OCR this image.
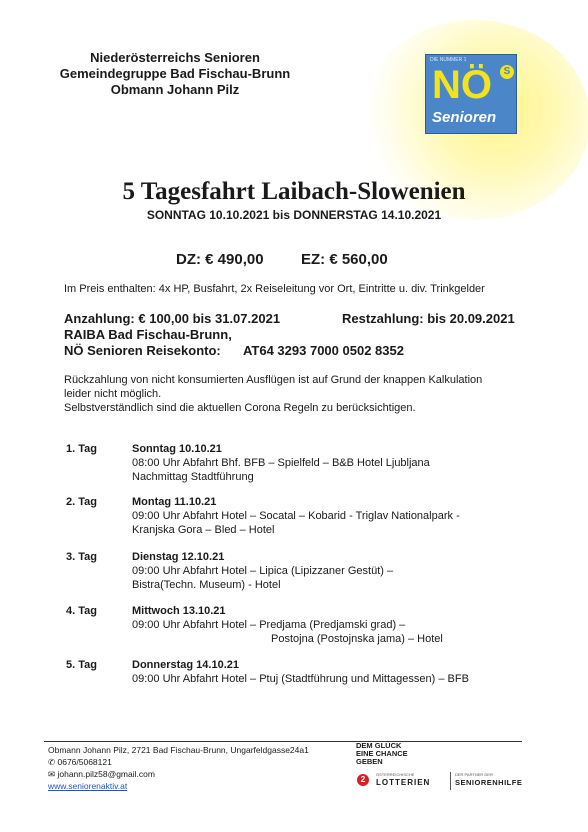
Niederösterreichs Senioren
Gemeindegruppe Bad Fischau-Brunn
Obmann Johann Pilz
DIE NUMMER 1
NÖ	S
Senioren
5 Tagesfahrt Laibach-Slowenien
SONNTAG 10.10.2021 bis DONNERSTAG 14.10.2021
DZ: € 490,00 EZ: € 560,00
Im Preis enthalten: 4x HP, Busfahrt, 2x Reiseleitung vor Ort, Eintritte u. div. Trinkgelder
Anzahlung: € 100,00 bis 31.07.2021	Restzahlung: bis 20.09.2021
RAIBA Bad Fischau-Brunn,
NÖ Senioren Reisekonto: AT64 3293 7000 0502 8352
Rückzahlung von nicht konsumierten Ausflügen ist auf Grund der knappen Kalkulation
leider nicht möglich.
Selbstverständlich sind die aktuellen Corona Regeln zu berücksichtigen.
1. Tag	Sonntag 10.10.21
08:00 Uhr Abfahrt Bhf. BFB – Spielfeld – B&B Hotel Ljubljana
Nachmittag Stadtführung
2. Tag	Montag 11.10.21
09:00 Uhr Abfahrt Hotel – Socatal – Kobarid - Triglav Nationalpark -
Kranjska Gora – Bled – Hotel
3. Tag	Dienstag 12.10.21
09:00 Uhr Abfahrt Hotel – Lipica (Lipizzaner Gestüt) –
Bistra(Techn. Museum) - Hotel
4. Tag	Mittwoch 13.10.21
09:00 Uhr Abfahrt Hotel – Predjama (Predjamski grad) –
Postojna (Postojnska jama) – Hotel
5. Tag	Donnerstag 14.10.21
09:00 Uhr Abfahrt Hotel – Ptuj (Stadtführung und Mittagessen) – BFB
Obmann Johann Pilz, 2721 Bad Fischau-Brunn, Ungarfeldgasse24a1
✆ 0676/5068121
✉ johann.pilz58@gmail.com
www.seniorenaktiv.at
DEM GLÜCK
EINE CHANCE
GEBEN
2
ÖSTERREICHISCHE
LOTTERIEN
DER PARTNER DER
SENIORENHILFE
